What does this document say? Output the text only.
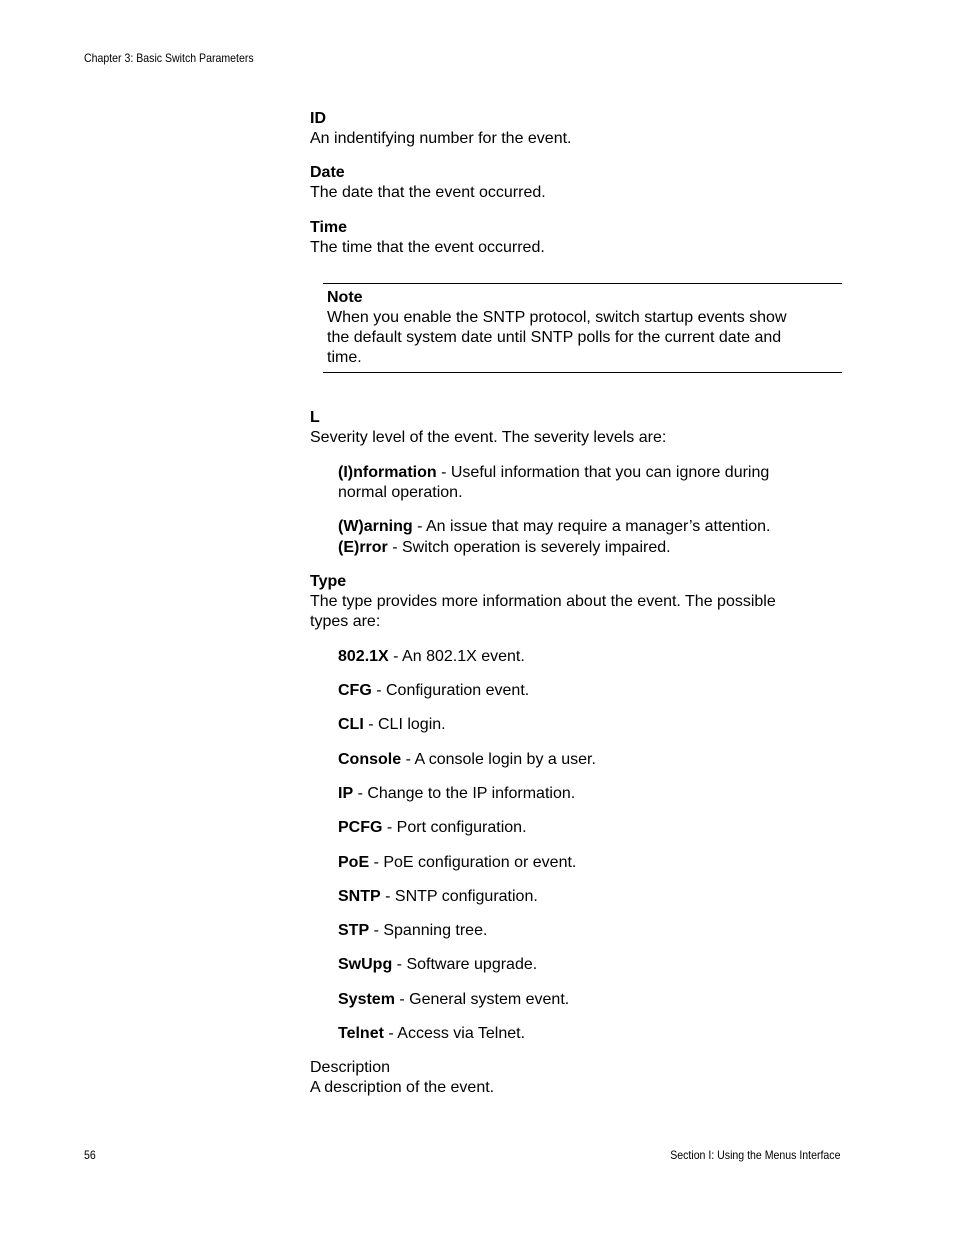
Chapter 3: Basic Switch Parameters
ID
An indentifying number for the event.
Date
The date that the event occurred.
Time
The time that the event occurred.
Note
When you enable the SNTP protocol, switch startup events show
the default system date until SNTP polls for the current date and
time.
L
Severity level of the event. The severity levels are:
(I)nformation - Useful information that you can ignore during
normal operation.
(W)arning - An issue that may require a manager’s attention.
(E)rror - Switch operation is severely impaired.
Type
The type provides more information about the event. The possible
types are:
802.1X - An 802.1X event.
CFG - Configuration event.
CLI - CLI login.
Console - A console login by a user.
IP - Change to the IP information.
PCFG - Port configuration.
PoE - PoE configuration or event.
SNTP - SNTP configuration.
STP - Spanning tree.
SwUpg - Software upgrade.
System - General system event.
Telnet - Access via Telnet.
Description
A description of the event.
56	Section I: Using the Menus Interface
